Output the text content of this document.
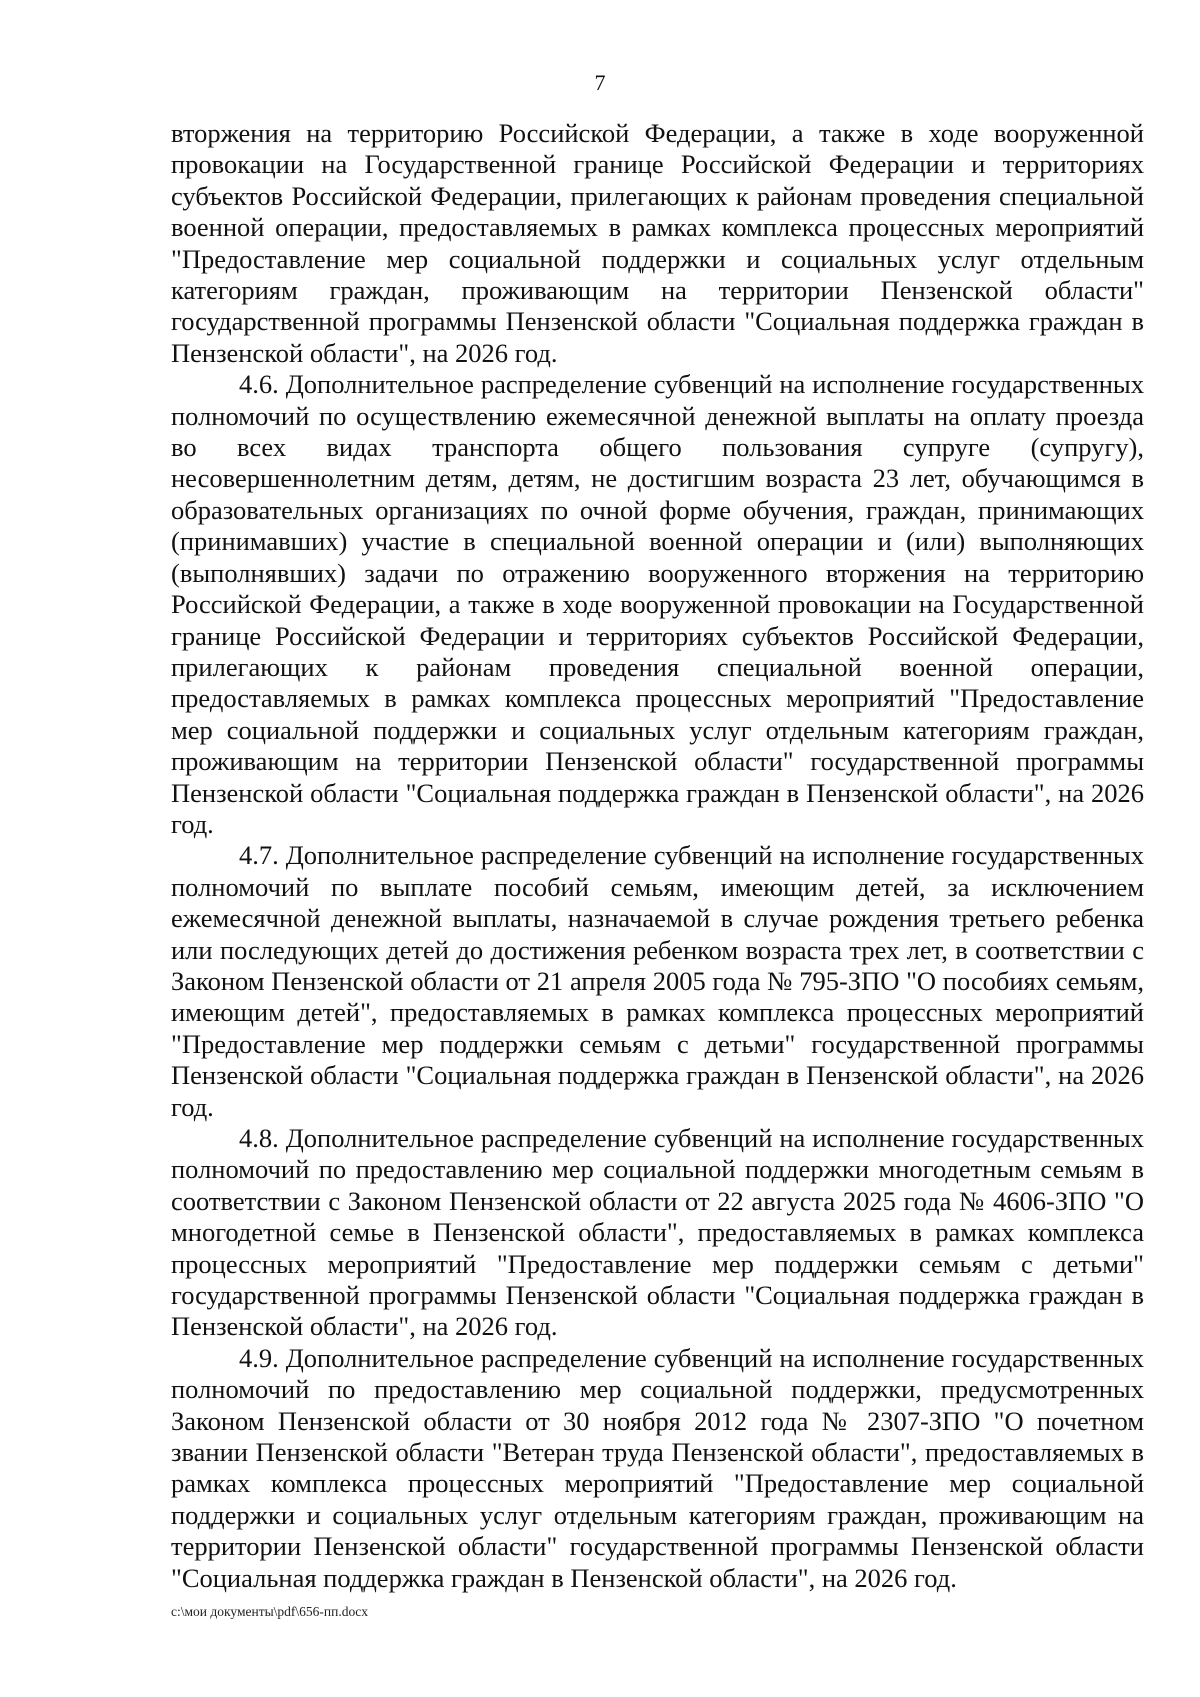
7

вторжения на территорию Российской Федерации, а также в ходе вооруженной провокации на Государственной границе Российской Федерации и территориях субъектов Российской Федерации, прилегающих к районам проведения специальной военной операции, предоставляемых в рамках комплекса процессных мероприятий "Предоставление мер социальной поддержки и социальных услуг отдельным категориям граждан, проживающим на территории Пензенской области" государственной программы Пензенской области "Социальная поддержка граждан в Пензенской области", на 2026 год.

4.6. Дополнительное распределение субвенций на исполнение государственных полномочий по осуществлению ежемесячной денежной выплаты на оплату проезда во всех видах транспорта общего пользования супруге (супругу), несовершеннолетним детям, детям, не достигшим возраста 23 лет, обучающимся в образовательных организациях по очной форме обучения, граждан, принимающих (принимавших) участие в специальной военной операции и (или) выполняющих (выполнявших) задачи по отражению вооруженного вторжения на территорию Российской Федерации, а также в ходе вооруженной провокации на Государственной границе Российской Федерации и территориях субъектов Российской Федерации, прилегающих к районам проведения специальной военной операции, предоставляемых в рамках комплекса процессных мероприятий "Предоставление мер социальной поддержки и социальных услуг отдельным категориям граждан, проживающим на территории Пензенской области" государственной программы Пензенской области "Социальная поддержка граждан в Пензенской области", на 2026 год.

4.7. Дополнительное распределение субвенций на исполнение государственных полномочий по выплате пособий семьям, имеющим детей, за исключением ежемесячной денежной выплаты, назначаемой в случае рождения третьего ребенка или последующих детей до достижения ребенком возраста трех лет, в соответствии с Законом Пензенской области от 21 апреля 2005 года № 795-ЗПО "О пособиях семьям, имеющим детей", предоставляемых в рамках комплекса процессных мероприятий "Предоставление мер поддержки семьям с детьми" государственной программы Пензенской области "Социальная поддержка граждан в Пензенской области", на 2026 год.

4.8. Дополнительное распределение субвенций на исполнение государственных полномочий по предоставлению мер социальной поддержки многодетным семьям в соответствии с Законом Пензенской области от 22 августа 2025 года № 4606-ЗПО "О многодетной семье в Пензенской области", предоставляемых в рамках комплекса процессных мероприятий "Предоставление мер поддержки семьям с детьми" государственной программы Пензенской области "Социальная поддержка граждан в Пензенской области", на 2026 год.

4.9. Дополнительное распределение субвенций на исполнение государственных полномочий по предоставлению мер социальной поддержки, предусмотренных Законом Пензенской области от 30 ноября 2012 года № 2307-ЗПО "О почетном звании Пензенской области "Ветеран труда Пензенской области", предоставляемых в рамках комплекса процессных мероприятий "Предоставление мер социальной поддержки и социальных услуг отдельным категориям граждан, проживающим на территории Пензенской области" государственной программы Пензенской области "Социальная поддержка граждан в Пензенской области", на 2026 год.

c:\мои документы\pdf\656-пп.docx
